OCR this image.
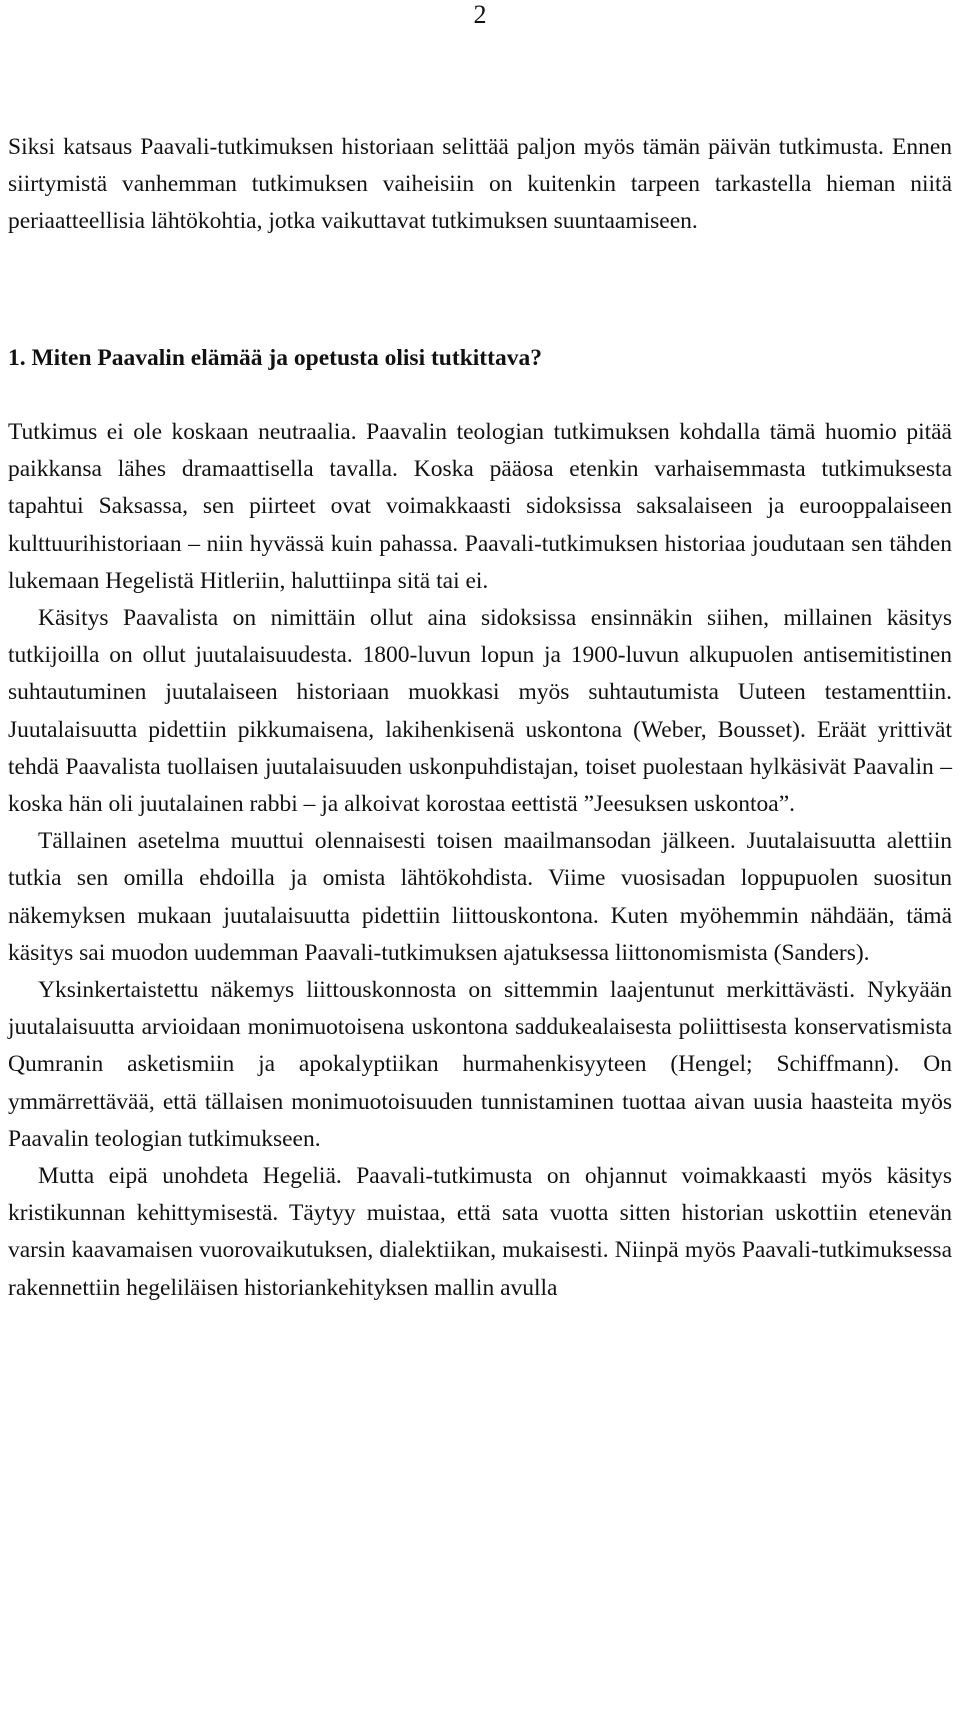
2

Siksi katsaus Paavali-tutkimuksen historiaan selittää paljon myös tämän päivän tutkimusta. Ennen siirtymistä vanhemman tutkimuksen vaiheisiin on kuitenkin tarpeen tarkastella hieman niitä periaatteellisia lähtökohtia, jotka vaikuttavat tutkimuksen suuntaamiseen.

1. Miten Paavalin elämää ja opetusta olisi tutkittava?

Tutkimus ei ole koskaan neutraalia. Paavalin teologian tutkimuksen kohdalla tämä huomio pitää paikkansa lähes dramaattisella tavalla. Koska pääosa etenkin varhaisemmasta tutkimuksesta tapahtui Saksassa, sen piirteet ovat voimakkaasti sidoksissa saksalaiseen ja eurooppalaiseen kulttuurihistoriaan – niin hyvässä kuin pahassa. Paavali-tutkimuksen historiaa joudutaan sen tähden lukemaan Hegelistä Hitleriin, haluttiinpa sitä tai ei.

Käsitys Paavalista on nimittäin ollut aina sidoksissa ensinnäkin siihen, millainen käsitys tutkijoilla on ollut juutalaisuudesta. 1800-luvun lopun ja 1900-luvun alkupuolen antisemitistinen suhtautuminen juutalaiseen historiaan muokkasi myös suhtautumista Uuteen testamenttiin. Juutalaisuutta pidettiin pikkumaisena, lakihenkisenä uskontona (Weber, Bousset). Eräät yrittivät tehdä Paavalista tuollaisen juutalaisuuden uskonpuhdistajan, toiset puolestaan hylkäsivät Paavalin – koska hän oli juutalainen rabbi – ja alkoivat korostaa eettistä ”Jeesuksen uskontoa”.

Tällainen asetelma muuttui olennaisesti toisen maailmansodan jälkeen. Juutalaisuutta alettiin tutkia sen omilla ehdoilla ja omista lähtökohdista. Viime vuosisadan loppupuolen suositun näkemyksen mukaan juutalaisuutta pidettiin liittouskontona. Kuten myöhemmin nähdään, tämä käsitys sai muodon uudemman Paavali-tutkimuksen ajatuksessa liittonomismista (Sanders).

Yksinkertaistettu näkemys liittouskonnosta on sittemmin laajentunut merkittävästi. Nykyään juutalaisuutta arvioidaan monimuotoisena uskontona saddukealaisesta poliittisesta konservatismista Qumranin asketismiin ja apokalyptiikan hurmahenkisyyteen (Hengel; Schiffmann). On ymmärrettävää, että tällaisen monimuotoisuuden tunnistaminen tuottaa aivan uusia haasteita myös Paavalin teologian tutkimukseen.

Mutta eipä unohdeta Hegeliä. Paavali-tutkimusta on ohjannut voimakkaasti myös käsitys kristikunnan kehittymisestä. Täytyy muistaa, että sata vuotta sitten historian uskottiin etenevän varsin kaavamaisen vuorovaikutuksen, dialektiikan, mukaisesti. Niinpä myös Paavali-tutkimuksessa rakennettiin hegeliläisen historiankehityksen mallin avulla
